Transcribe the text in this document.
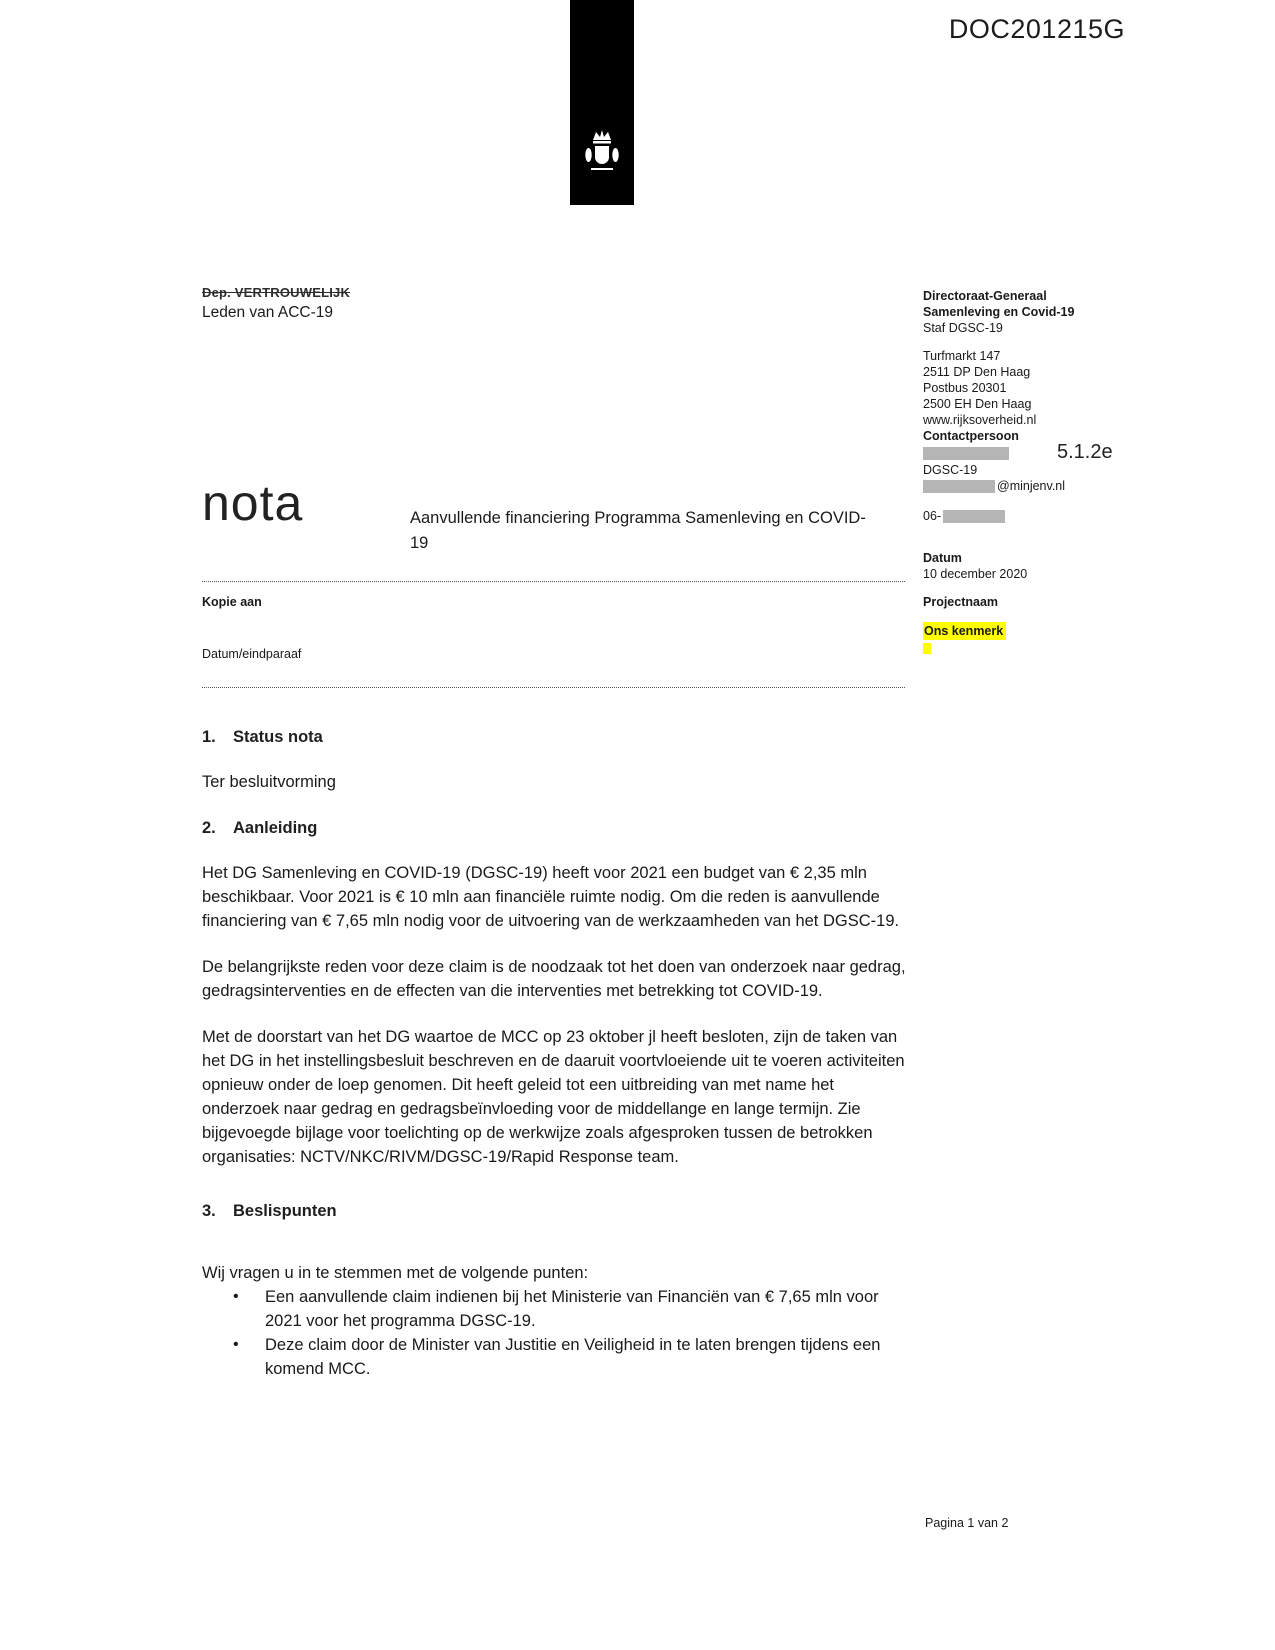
DOC201215G
Dep. VERTROUWELIJK
Leden van ACC-19
5.1.2e
Directoraat-Generaal
Samenleving en Covid-19
Staf DGSC-19
Turfmarkt 147
2511 DP Den Haag
Postbus 20301
2500 EH Den Haag
www.rijksoverheid.nl
Contactpersoon
DGSC-19
@minjenv.nl
06-
Datum
10 december 2020
Projectnaam
Ons kenmerk
nota	Aanvullende financiering Programma Samenleving en COVID-19
Kopie aan
Datum/eindparaaf
1. Status nota

Ter besluitvorming

2. Aanleiding

Het DG Samenleving en COVID-19 (DGSC-19) heeft voor 2021 een budget van € 2,35 mln beschikbaar. Voor 2021 is € 10 mln aan financiële ruimte nodig. Om die reden is aanvullende financiering van € 7,65 mln nodig voor de uitvoering van de werkzaamheden van het DGSC-19.

De belangrijkste reden voor deze claim is de noodzaak tot het doen van onderzoek naar gedrag, gedragsinterventies en de effecten van die interventies met betrekking tot COVID-19.

Met de doorstart van het DG waartoe de MCC op 23 oktober jl heeft besloten, zijn de taken van het DG in het instellingsbesluit beschreven en de daaruit voortvloeiende uit te voeren activiteiten opnieuw onder de loep genomen. Dit heeft geleid tot een uitbreiding van met name het onderzoek naar gedrag en gedragsbeïnvloeding voor de middellange en lange termijn. Zie bijgevoegde bijlage voor toelichting op de werkwijze zoals afgesproken tussen de betrokken organisaties: NCTV/NKC/RIVM/DGSC-19/Rapid Response team.

3. Beslispunten

Wij vragen u in te stemmen met de volgende punten:

• Een aanvullende claim indienen bij het Ministerie van Financiën van € 7,65 mln voor 2021 voor het programma DGSC-19.
• Deze claim door de Minister van Justitie en Veiligheid in te laten brengen tijdens een komend MCC.
Pagina 1 van 2
